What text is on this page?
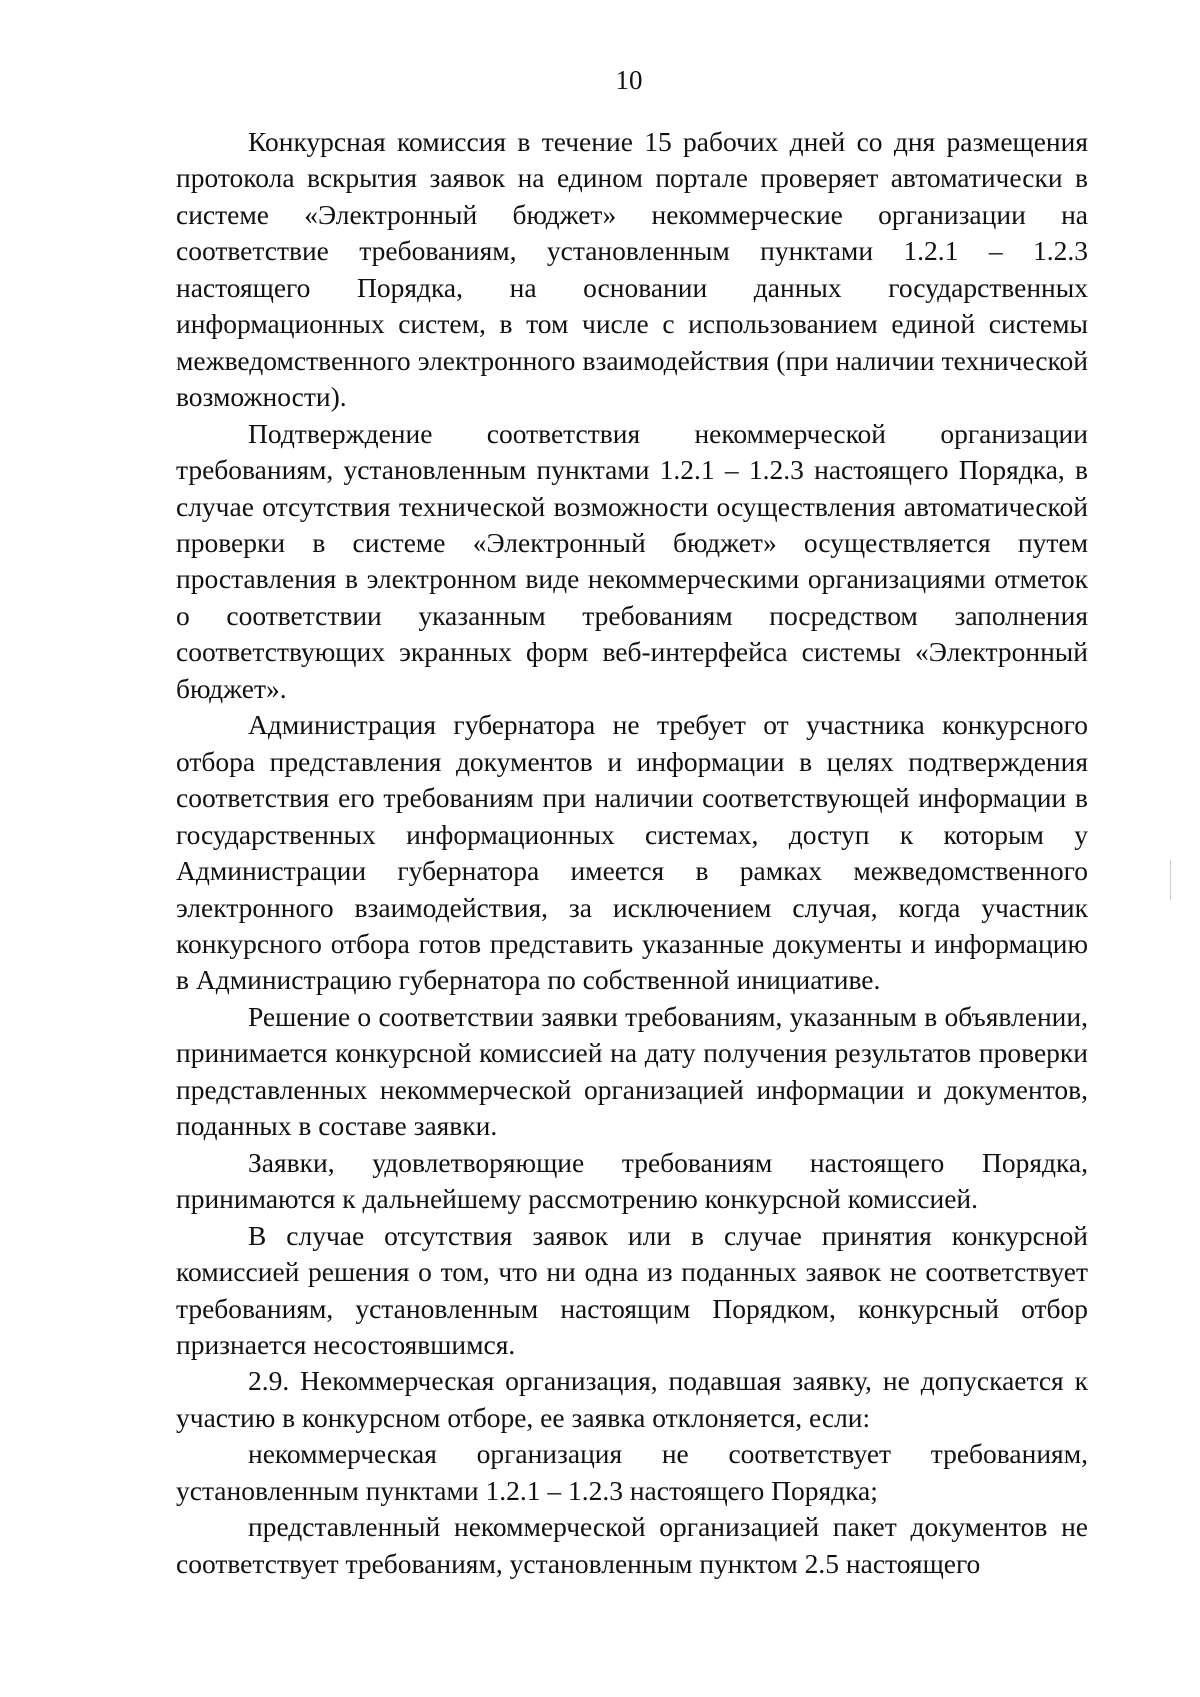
10

Конкурсная комиссия в течение 15 рабочих дней со дня размещения протокола вскрытия заявок на едином портале проверяет автоматически в системе «Электронный бюджет» некоммерческие организации на соответствие требованиям, установленным пунктами 1.2.1 – 1.2.3 настоящего Порядка, на основании данных государственных информационных систем, в том числе с использованием единой системы межведомственного электронного взаимодействия (при наличии технической возможности).

Подтверждение соответствия некоммерческой организации требованиям, установленным пунктами 1.2.1 – 1.2.3 настоящего Порядка, в случае отсутствия технической возможности осуществления автоматической проверки в системе «Электронный бюджет» осуществляется путем проставления в электронном виде некоммерческими организациями отметок о соответствии указанным требованиям посредством заполнения соответствующих экранных форм веб-интерфейса системы «Электронный бюджет».

Администрация губернатора не требует от участника конкурсного отбора представления документов и информации в целях подтверждения соответствия его требованиям при наличии соответствующей информации в государственных информационных системах, доступ к которым у Администрации губернатора имеется в рамках межведомственного электронного взаимодействия, за исключением случая, когда участник конкурсного отбора готов представить указанные документы и информацию в Администрацию губернатора по собственной инициативе.

Решение о соответствии заявки требованиям, указанным в объявлении, принимается конкурсной комиссией на дату получения результатов проверки представленных некоммерческой организацией информации и документов, поданных в составе заявки.

Заявки, удовлетворяющие требованиям настоящего Порядка, принимаются к дальнейшему рассмотрению конкурсной комиссией.

В случае отсутствия заявок или в случае принятия конкурсной комиссией решения о том, что ни одна из поданных заявок не соответствует требованиям, установленным настоящим Порядком, конкурсный отбор признается несостоявшимся.

2.9. Некоммерческая организация, подавшая заявку, не допускается к участию в конкурсном отборе, ее заявка отклоняется, если:

некоммерческая организация не соответствует требованиям, установленным пунктами 1.2.1 – 1.2.3 настоящего Порядка;

представленный некоммерческой организацией пакет документов не соответствует требованиям, установленным пунктом 2.5 настоящего
